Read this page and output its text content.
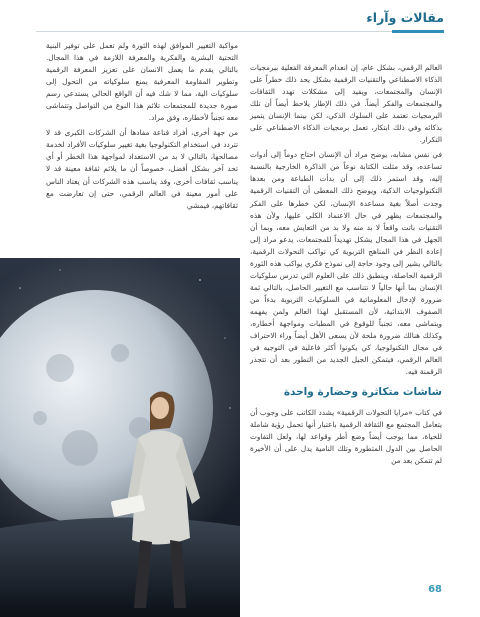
مقالات وآراء

مواكبة التغيير الموافق لهذه الثورة ولم تعمل على توفير البنية التحتية البشرية والفكرية والمعرفة اللازمة في هذا المجال. بالتالي يقدم ما يعمل الانسان على تعزيز المعرفة الرقمية وتطوير المقاومة المعرفية يمنع سلوكياته من التحول إلى سلوكيات الية، مما لا شك فيه أن الواقع الحالي يستدعي رسم صورة جديدة للمجتمعات تلائم هذا النوع من التواصل وتتماشى معه تجنباً لأخطاره، وفق مراد.

من جهة أخرى، أفراد قناعة مفادها أن الشركات الكبرى قد لا تتردد في استخدام التكنولوجيا بغية تغيير سلوكيات الأفراد لخدمة مصالحها، بالتالي لا بد من الاستعداد لمواجهة هذا الخطر أو أي تحد آخر بشكل أفضل، خصوصاً أن ما يلائم ثقافة معينة قد لا يناسب ثقافات أخرى، وقد يناسب هذه الشركات أن يعتاد الناس على أمور معينة في العالم الرقمي، حتى إن تعارضت مع ثقافاتهم، فيمشي

العالم الرقمي، بشكل عام، إن انعدام المعرفة الفعلية ببرمجيات الذكاء الاصطناعي والتقنيات الرقمية بشكل يحد ذلك خطراً على الإنسان والمجتمعات، ويفيد إلى مشكلات تهدد الثقافات والمجتمعات والفكر أيضاً. في ذلك الإطار يلاحظ أيضاً أن تلك البرمجيات تعتمد على السلوك الذكي، لكن بينما الإنسان يتميز بذكائه وفي ذلك ابتكار، تعمل برمجيات الذكاء الاصطناعي على التكرار.

في نفس مشابه، يوضح مراد أن الإنسان احتاج دوماً إلى أدوات تساعده، وقد مثلت الكتابة نوعاً من الذاكرة الخارجية بالنسبة إليه، وقد استمر ذلك إلى أن بدأت الطباعة ومن بعدها التكنولوجيات الذكية، ويوضح ذلك المعطى أن التقنيات الرقمية وجدت أصلاً بغية مساعدة الإنسان، لكن خطرها على الفكر والمجتمعات يظهر في حال الاعتماد الكلي عليها، ولأن هذه التقنيات باتت واقعاً لا بد منه ولا بد من التعايش معه، وبما أن الجهل في هذا المجال يشكل تهديداً للمجتمعات، يدعو مراد إلى إعادة النظر في المناهج التربوية كي تواكب التحولات الرقمية، بالتالي يشير إلى وجود حاجة إلى نموذج فكري يواكب هذه الثورة الرقمية الحاصلة، وينطبق ذلك على العلوم التي تدرس سلوكيات الإنسان بما أنها حالياً لا تتناسب مع التغيير الحاصل، بالتالي ثمة ضرورة لإدخال المعلوماتية في السلوكيات التربوية بدءاً من الصفوف الابتدائية، لأن المستقبل لهذا العالم ولمن يفهمه ويتماشى معه، تجنباً للوقوع في المطبات ومواجهة أخطاره، وكذلك هنالك ضرورة ملحة لأن يسعى الأهل أيضاً وراء الاحتراف في مجال التكنولوجيا، كي يكونوا أكثر فاعلية في التوجيه في العالم الرقمي، فيتمكن الجيل الجديد من التطور بعد أن تتجذر الرقمنة فيه.

شاشات متكاثرة وحضارة واحدة

في كتاب «مرايا التحولات الرقمية» يشدد الكاتب على وجوب أن يتعامل المجتمع مع الثقافة الرقمية باعتبار أنها تحمل رؤية شاملة للحياة، مما يوجب أيضاً وضع أطر وقواعد لها، ولعل التفاوت الحاصل بين الدول المتطورة وتلك النامية يدل على أن الأخيرة لم تتمكن بعد من

68
